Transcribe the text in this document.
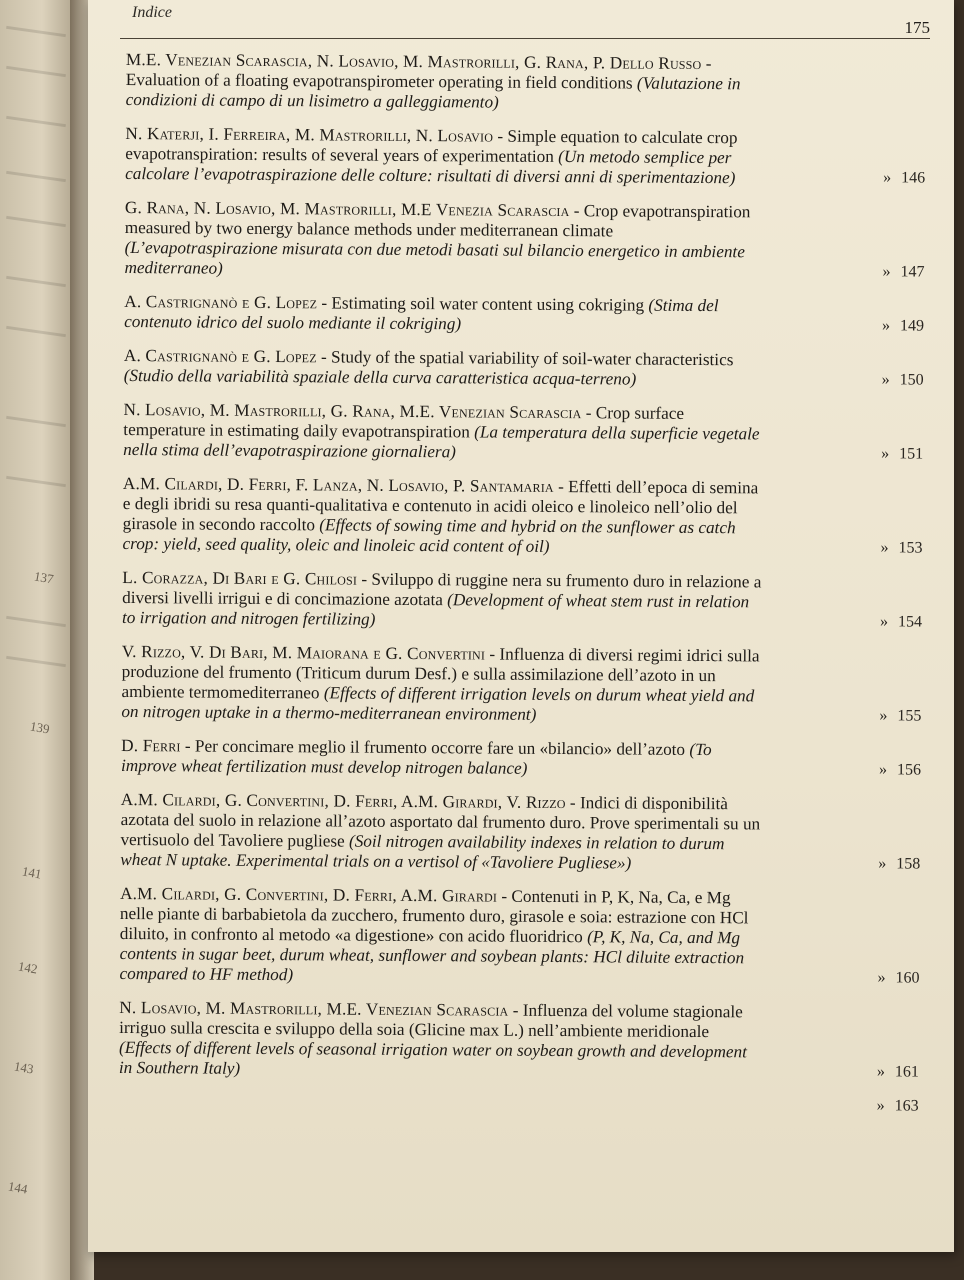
137
139
141
142
143
144
Indice
175
M.E. Venezian Scarascia, N. Losavio, M. Mastrorilli, G. Rana, P. Dello Russo - Evaluation of a floating evapotranspirometer operating in field conditions (Valutazione in condizioni di campo di un lisimetro a galleggiamento)
N. Katerji, I. Ferreira, M. Mastrorilli, N. Losavio - Simple equation to calculate crop evapotranspiration: results of several years of experimentation (Un metodo semplice per calcolare l’evapotraspirazione delle colture: risultati di diversi anni di sperimentazione)	» 146
G. Rana, N. Losavio, M. Mastrorilli, M.E Venezia Scarascia - Crop evapotranspiration measured by two energy balance methods under mediterranean climate (L’evapotraspirazione misurata con due metodi basati sul bilancio energetico in ambiente mediterraneo)	» 147
A. Castrignanò e G. Lopez - Estimating soil water content using cokriging (Stima del contenuto idrico del suolo mediante il cokriging)	» 149
A. Castrignanò e G. Lopez - Study of the spatial variability of soil-water characteristics (Studio della variabilità spaziale della curva caratteristica acqua-terreno)	» 150
N. Losavio, M. Mastrorilli, G. Rana, M.E. Venezian Scarascia - Crop surface temperature in estimating daily evapotranspiration (La temperatura della superficie vegetale nella stima dell’evapotraspirazione giornaliera)	» 151
A.M. Cilardi, D. Ferri, F. Lanza, N. Losavio, P. Santamaria - Effetti dell’epoca di semina e degli ibridi su resa quanti-qualitativa e contenuto in acidi oleico e linoleico nell’olio del girasole in secondo raccolto (Effects of sowing time and hybrid on the sunflower as catch crop: yield, seed quality, oleic and linoleic acid content of oil)	» 153
L. Corazza, Di Bari e G. Chilosi - Sviluppo di ruggine nera su frumento duro in relazione a diversi livelli irrigui e di concimazione azotata (Development of wheat stem rust in relation to irrigation and nitrogen fertilizing)	» 154
V. Rizzo, V. Di Bari, M. Maiorana e G. Convertini - Influenza di diversi regimi idrici sulla produzione del frumento (Triticum durum Desf.) e sulla assimilazione dell’azoto in un ambiente termomediterraneo (Effects of different irrigation levels on durum wheat yield and on nitrogen uptake in a thermo-mediterranean environment)	» 155
D. Ferri - Per concimare meglio il frumento occorre fare un «bilancio» dell’azoto (To improve wheat fertilization must develop nitrogen balance)	» 156
A.M. Cilardi, G. Convertini, D. Ferri, A.M. Girardi, V. Rizzo - Indici di disponibilità azotata del suolo in relazione all’azoto asportato dal frumento duro. Prove sperimentali su un vertisuolo del Tavoliere pugliese (Soil nitrogen availability indexes in relation to durum wheat N uptake. Experimental trials on a vertisol of «Tavoliere Pugliese»)	» 158
A.M. Cilardi, G. Convertini, D. Ferri, A.M. Girardi - Contenuti in P, K, Na, Ca, e Mg nelle piante di barbabietola da zucchero, frumento duro, girasole e soia: estrazione con HCl diluito, in confronto al metodo «a digestione» con acido fluoridrico (P, K, Na, Ca, and Mg contents in sugar beet, durum wheat, sunflower and soybean plants: HCl diluite extraction compared to HF method)	» 160
N. Losavio, M. Mastrorilli, M.E. Venezian Scarascia - Influenza del volume stagionale irriguo sulla crescita e sviluppo della soia (Glicine max L.) nell’ambiente meridionale (Effects of different levels of seasonal irrigation water on soybean growth and development in Southern Italy)	» 161
» 163
